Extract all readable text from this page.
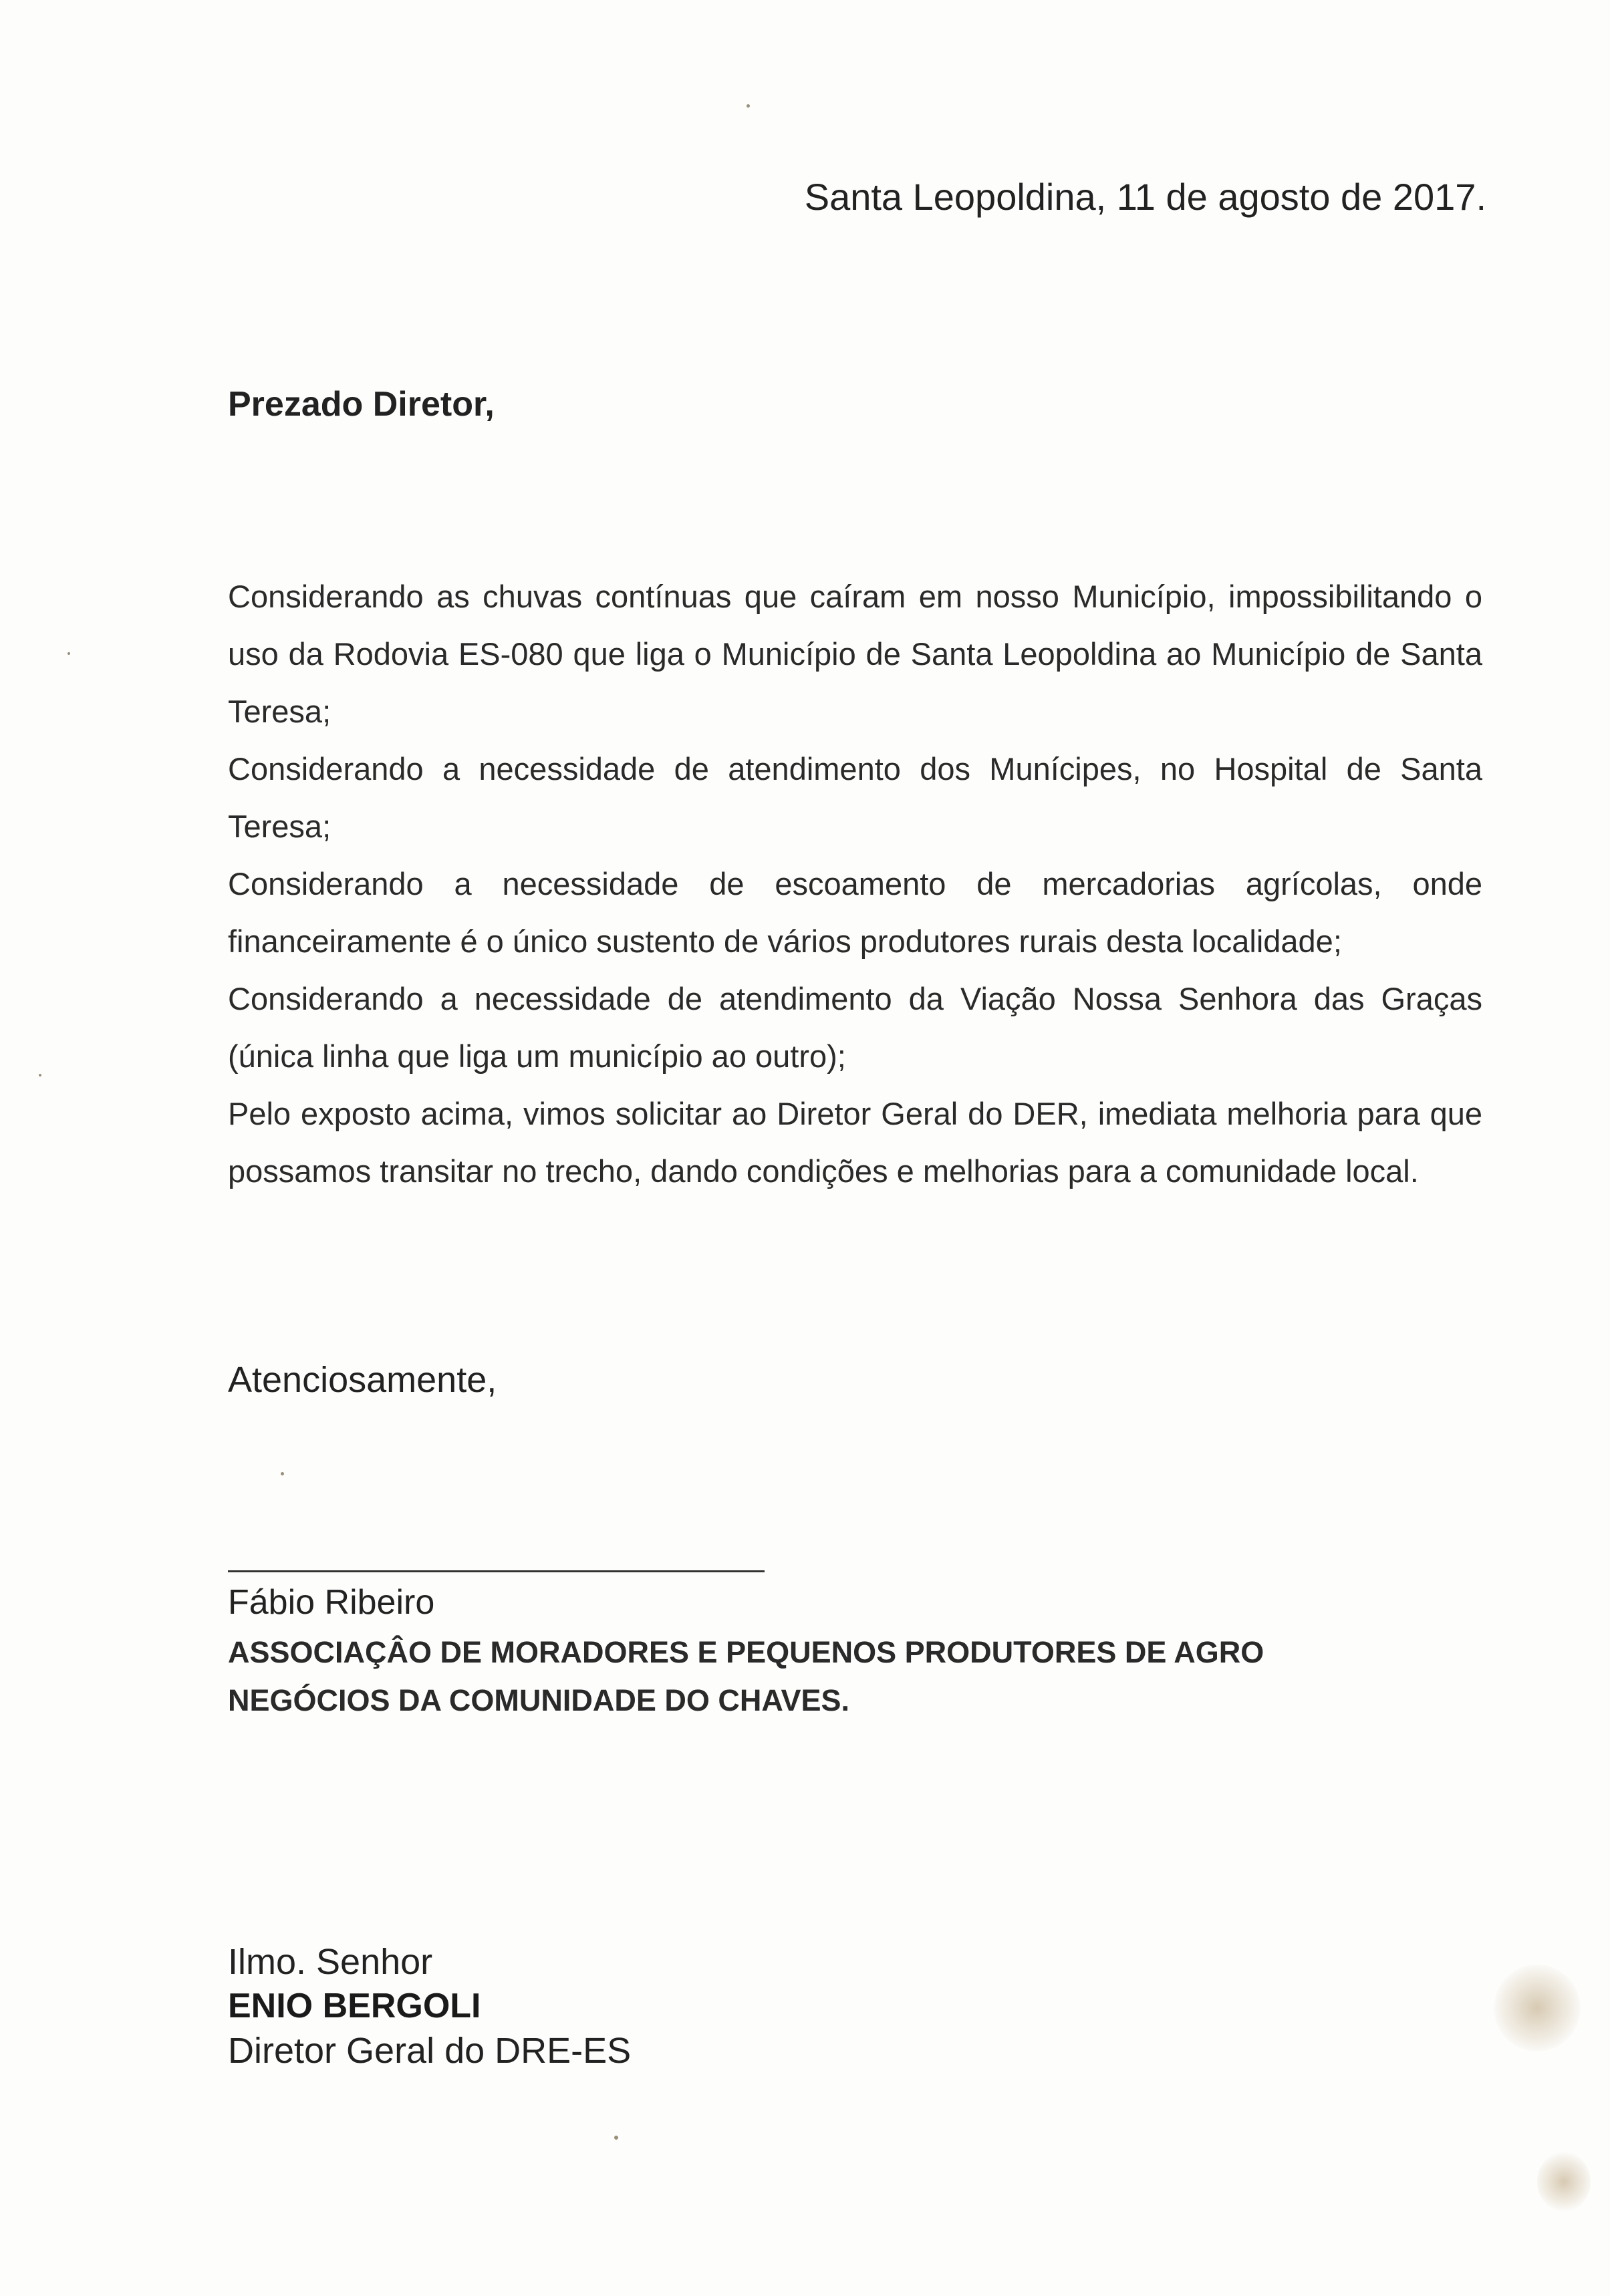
Santa Leopoldina, 11 de agosto de 2017.
Prezado Diretor,

Considerando as chuvas contínuas que caíram em nosso Município, impossibilitando o uso da Rodovia ES-080 que liga o Município de Santa Leopoldina ao Município de Santa Teresa;

Considerando a necessidade de atendimento dos Munícipes, no Hospital de Santa Teresa;

Considerando a necessidade de escoamento de mercadorias agrícolas, onde financeiramente é o único sustento de vários produtores rurais desta localidade;

Considerando a necessidade de atendimento da Viação Nossa Senhora das Graças (única linha que liga um município ao outro);

Pelo exposto acima, vimos solicitar ao Diretor Geral do DER, imediata melhoria para que possamos transitar no trecho, dando condições e melhorias para a comunidade local.

Atenciosamente,
Fábio Ribeiro
ASSOCIAÇÂO DE MORADORES E PEQUENOS PRODUTORES DE AGRO NEGÓCIOS DA COMUNIDADE DO CHAVES.
Ilmo. Senhor
ENIO BERGOLI
Diretor Geral do DRE-ES
